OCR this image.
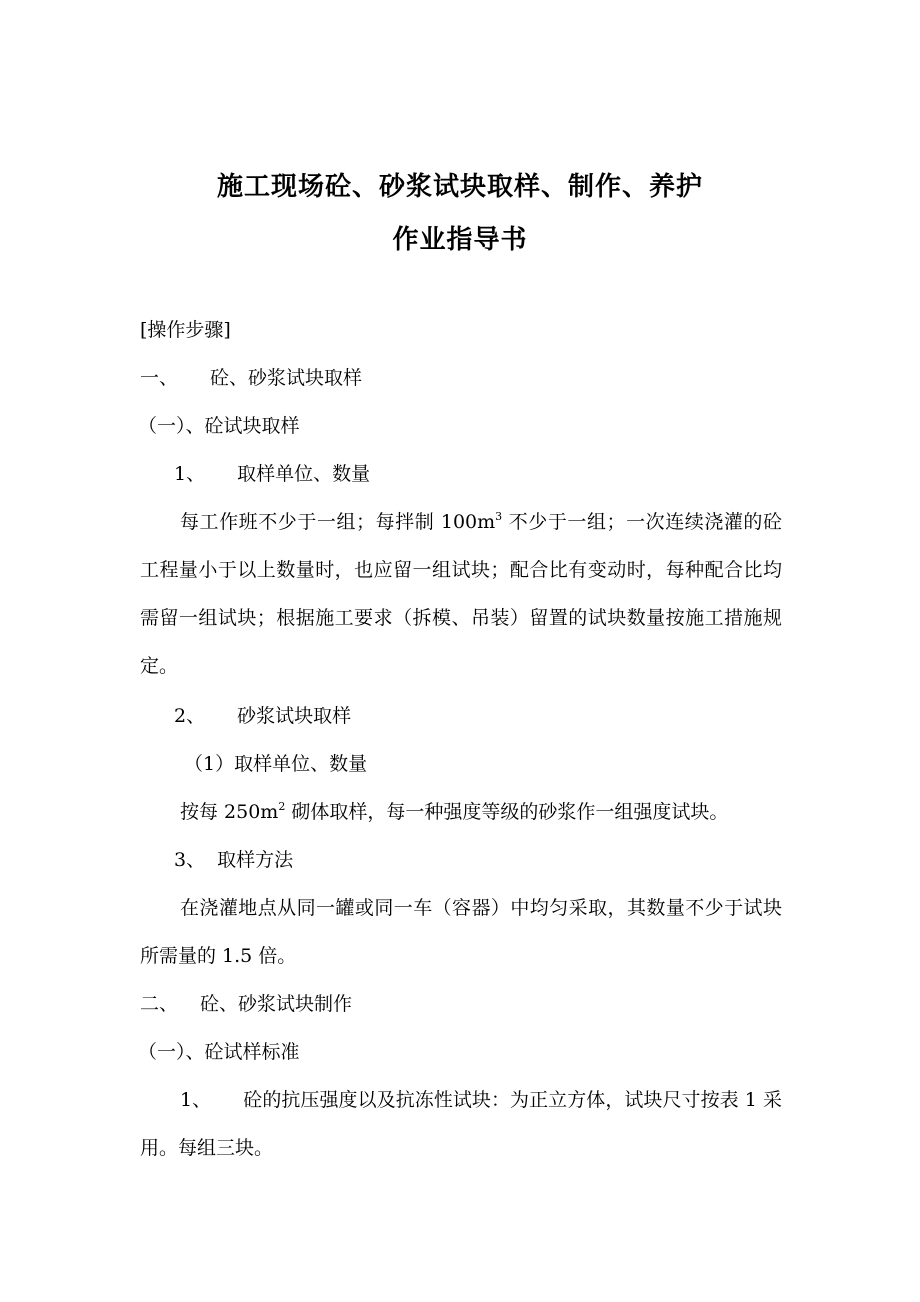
施工现场砼、砂浆试块取样、制作、养护
作业指导书
[操作步骤]
一、 砼、砂浆试块取样
（一）、砼试块取样
1、 取样单位、数量
每工作班不少于一组；每拌制 $100m^3$ 不少于一组；一次连续浇灌的砼工程量小于以上数量时，也应留一组试块；配合比有变动时，每种配合比均需留一组试块；根据施工要求（拆模、吊装）留置的试块数量按施工措施规定。
2、 砂浆试块取样
（1）取样单位、数量
按每 $250m^2$ 砌体取样，每一种强度等级的砂浆作一组强度试块。
3、 取样方法
在浇灌地点从同一罐或同一车（容器）中均匀采取，其数量不少于试块所需量的 1.5 倍。
二、 砼、砂浆试块制作
（一）、砼试样标准
1、 砼的抗压强度以及抗冻性试块：为正立方体，试块尺寸按表 1 采用。每组三块。
